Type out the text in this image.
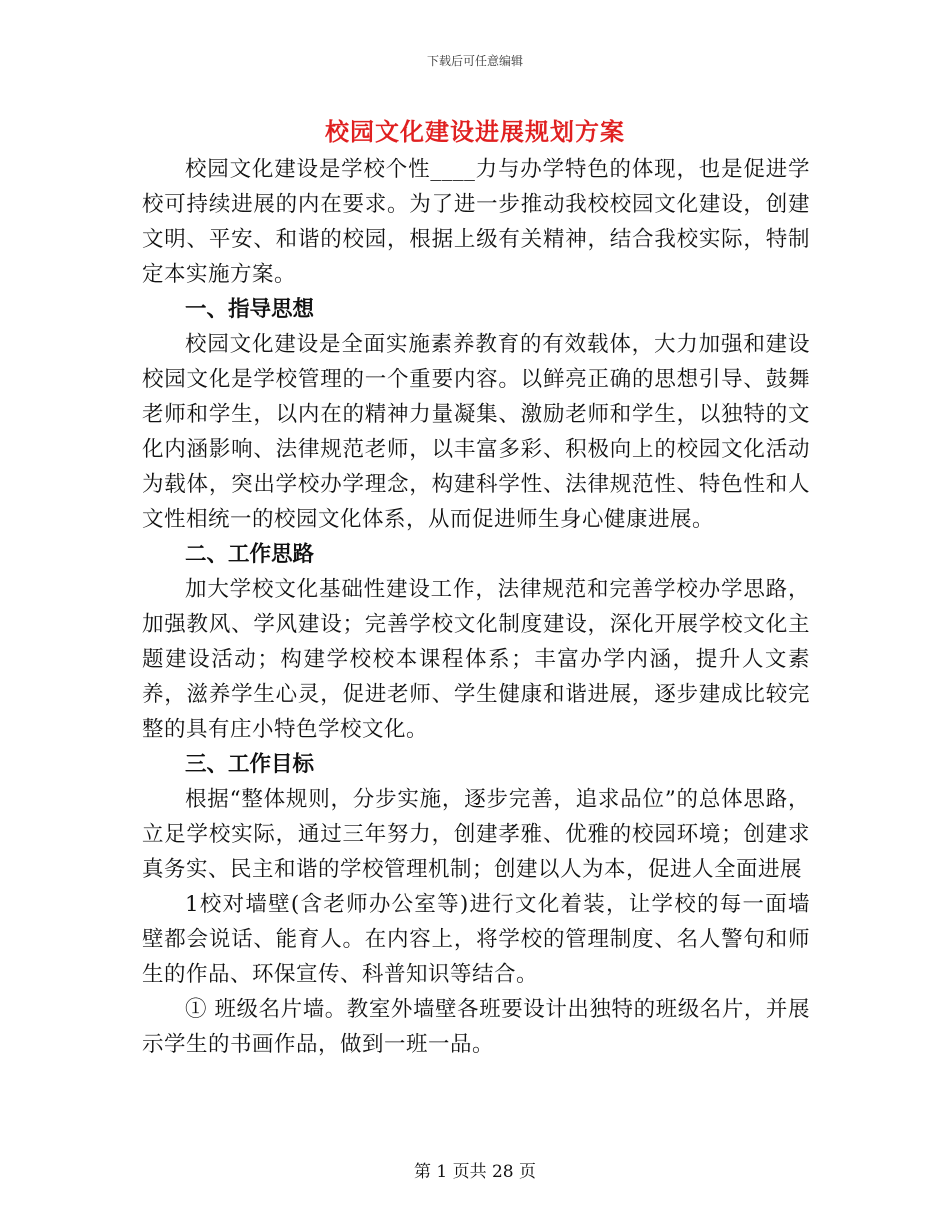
下载后可任意编辑
校园文化建设进展规划方案

校园文化建设是学校个性____力与办学特色的体现，也是促进学校可持续进展的内在要求。为了进一步推动我校校园文化建设，创建文明、平安、和谐的校园，根据上级有关精神，结合我校实际，特制定本实施方案。

一、指导思想

校园文化建设是全面实施素养教育的有效载体，大力加强和建设校园文化是学校管理的一个重要内容。以鲜亮正确的思想引导、鼓舞老师和学生，以内在的精神力量凝集、激励老师和学生，以独特的文化内涵影响、法律规范老师，以丰富多彩、积极向上的校园文化活动为载体，突出学校办学理念，构建科学性、法律规范性、特色性和人文性相统一的校园文化体系，从而促进师生身心健康进展。

二、工作思路

加大学校文化基础性建设工作，法律规范和完善学校办学思路，加强教风、学风建设；完善学校文化制度建设，深化开展学校文化主题建设活动；构建学校校本课程体系；丰富办学内涵，提升人文素养，滋养学生心灵，促进老师、学生健康和谐进展，逐步建成比较完整的具有庄小特色学校文化。

三、工作目标

根据“整体规则，分步实施，逐步完善，追求品位”的总体思路，立足学校实际，通过三年努力，创建孝雅、优雅的校园环境；创建求真务实、民主和谐的学校管理机制；创建以人为本，促进人全面进展

1校对墙壁(含老师办公室等)进行文化着装，让学校的每一面墙壁都会说话、能育人。在内容上，将学校的管理制度、名人警句和师生的作品、环保宣传、科普知识等结合。

① 班级名片墙。教室外墙壁各班要设计出独特的班级名片，并展示学生的书画作品，做到一班一品。

第 1 页共 28 页
